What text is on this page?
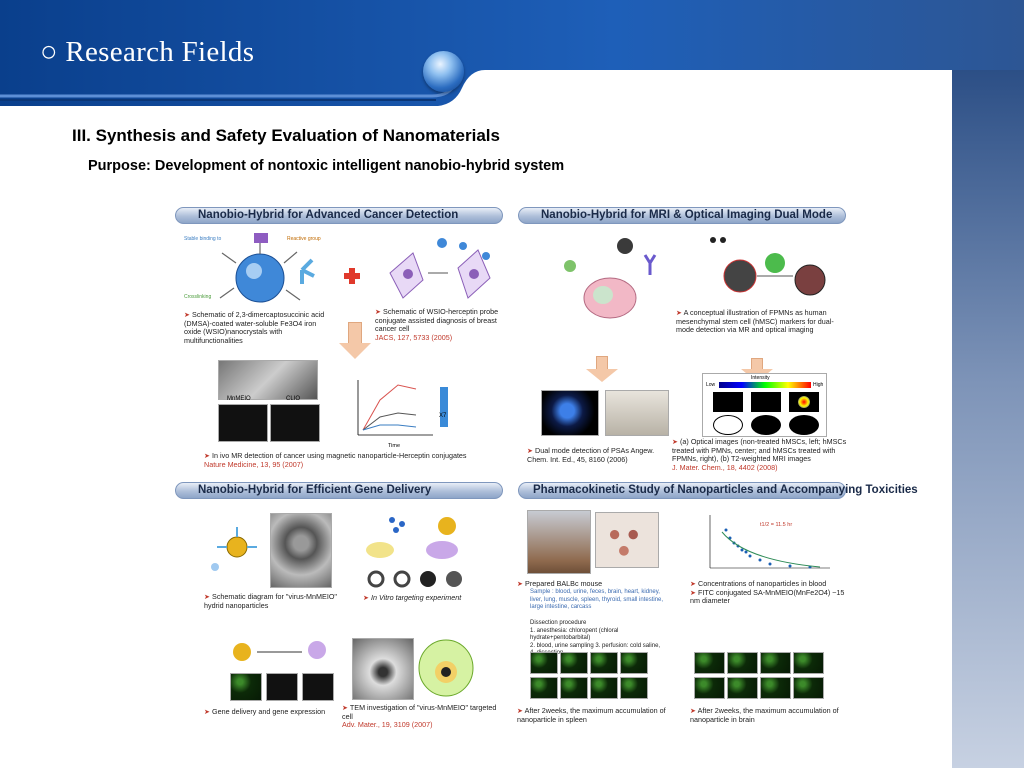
○ Research Fields
III. Synthesis and Safety Evaluation of Nanomaterials
Purpose: Development of nontoxic intelligent nanobio-hybrid system
Nanobio-Hybrid for Advanced Cancer Detection
Stable binding to
Crosslinking
Reactive group
➤ Schematic of 2,3-dimercaptosuccinic acid (DMSA)-coated water-soluble Fe3O4 iron oxide (WSIO)nanocrystals with multifunctionalities
➤ Schematic of WSIO-herceptin probe conjugate assisted diagnosis of breast cancer cell
JACS, 127, 5733 (2005)
MnMEIO	CLIO
X7
Time
➤ In ivo MR detection of cancer using magnetic nanoparticle-Herceptin conjugates
Nature Medicine, 13, 95 (2007)
Nanobio-Hybrid for MRI & Optical Imaging Dual Mode
➤ A conceptual illustration of FPMNs as human mesenchymal stem cell (hMSC) markers for dual-mode detection via MR and optical imaging
Intensity
Low	High
➤ Dual mode detection of PSAs Angew. Chem. Int. Ed., 45, 8160 (2006)
➤ (a) Optical images (non-treated hMSCs, left; hMSCs treated with PMNs, center; and hMSCs treated with FPMNs, right), (b) T2-weighted MRI images
J. Mater. Chem., 18, 4402 (2008)
Nanobio-Hybrid for Efficient Gene Delivery
➤ Schematic diagram for "virus-MnMEIO" hydrid nanoparticles
➤ In Vitro targeting experiment
➤ Gene delivery and gene expression	➤ TEM investigation of "virus-MnMEIO" targeted cell
Adv. Mater., 19, 3109 (2007)
Pharmacokinetic Study of Nanoparticles and Accompanying Toxicities
t1/2 = 11.5 hr
➤ Prepared BALBc mouse
Sample : blood, urine, feces, brain, heart, kidney, liver, lung, muscle, spleen, thyroid, small intestine, large intestine, carcass
Dissection procedure
1. anesthesia: chloropent (chloral hydrate+pentobarbital)
2. blood, urine sampling 3. perfusion: cold saline,

➤ Concentrations of nanoparticles in blood
➤ FITC conjugated SA-MnMEIO(MnFe2O4) ~15 nm diameter
➤ After 2weeks, the maximum accumulation of nanoparticle in spleen
➤ After 2weeks, the maximum accumulation of nanoparticle in brain
